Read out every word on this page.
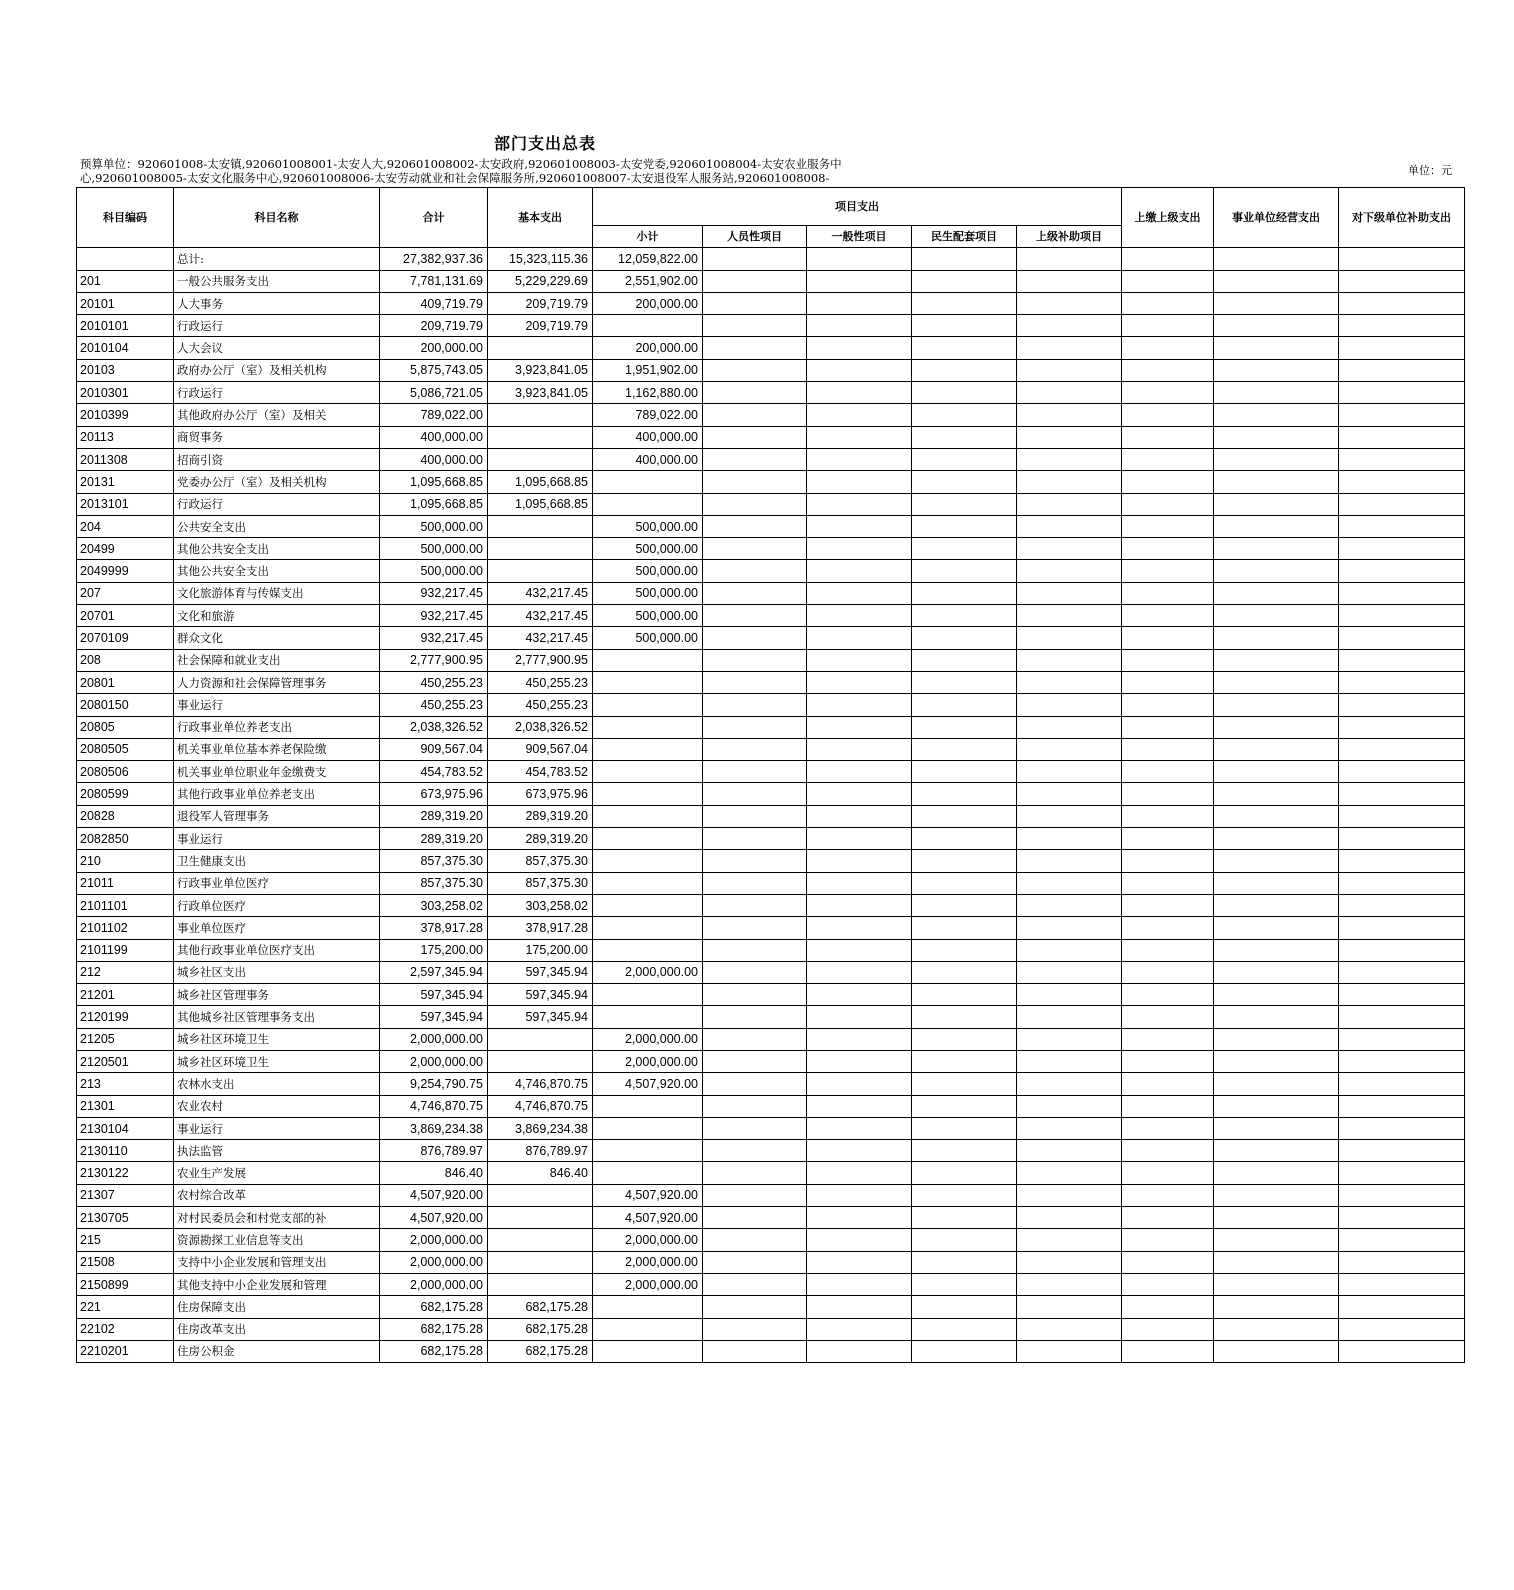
部门支出总表
预算单位：920601008-太安镇,920601008001-太安人大,920601008002-太安政府,920601008003-太安党委,920601008004-太安农业服务中心,920601008005-太安文化服务中心,920601008006-太安劳动就业和社会保障服务所,920601008007-太安退役军人服务站,920601008008-
单位：元
科目编码	科目名称	合计	基本支出	项目支出					上缴上级支出	事业单位经营支出	对下级单位补助支出
				小计	人员性项目	一般性项目	民生配套项目	上级补助项目			
	总计:	27,382,937.36	15,323,115.36	12,059,822.00							
201	一般公共服务支出	7,781,131.69	5,229,229.69	2,551,902.00							
20101	人大事务	409,719.79	209,719.79	200,000.00							
2010101	行政运行	209,719.79	209,719.79								
2010104	人大会议	200,000.00		200,000.00							
20103	政府办公厅（室）及相关机构	5,875,743.05	3,923,841.05	1,951,902.00							
2010301	行政运行	5,086,721.05	3,923,841.05	1,162,880.00							
2010399	其他政府办公厅（室）及相关	789,022.00		789,022.00							
20113	商贸事务	400,000.00		400,000.00							
2011308	招商引资	400,000.00		400,000.00							
20131	党委办公厅（室）及相关机构	1,095,668.85	1,095,668.85								
2013101	行政运行	1,095,668.85	1,095,668.85								
204	公共安全支出	500,000.00		500,000.00							
20499	其他公共安全支出	500,000.00		500,000.00							
2049999	其他公共安全支出	500,000.00		500,000.00							
207	文化旅游体育与传媒支出	932,217.45	432,217.45	500,000.00							
20701	文化和旅游	932,217.45	432,217.45	500,000.00							
2070109	群众文化	932,217.45	432,217.45	500,000.00							
208	社会保障和就业支出	2,777,900.95	2,777,900.95								
20801	人力资源和社会保障管理事务	450,255.23	450,255.23								
2080150	事业运行	450,255.23	450,255.23								
20805	行政事业单位养老支出	2,038,326.52	2,038,326.52								
2080505	机关事业单位基本养老保险缴	909,567.04	909,567.04								
2080506	机关事业单位职业年金缴费支	454,783.52	454,783.52								
2080599	其他行政事业单位养老支出	673,975.96	673,975.96								
20828	退役军人管理事务	289,319.20	289,319.20								
2082850	事业运行	289,319.20	289,319.20								
210	卫生健康支出	857,375.30	857,375.30								
21011	行政事业单位医疗	857,375.30	857,375.30								
2101101	行政单位医疗	303,258.02	303,258.02								
2101102	事业单位医疗	378,917.28	378,917.28								
2101199	其他行政事业单位医疗支出	175,200.00	175,200.00								
212	城乡社区支出	2,597,345.94	597,345.94	2,000,000.00							
21201	城乡社区管理事务	597,345.94	597,345.94								
2120199	其他城乡社区管理事务支出	597,345.94	597,345.94								
21205	城乡社区环境卫生	2,000,000.00		2,000,000.00							
2120501	城乡社区环境卫生	2,000,000.00		2,000,000.00							
213	农林水支出	9,254,790.75	4,746,870.75	4,507,920.00							
21301	农业农村	4,746,870.75	4,746,870.75								
2130104	事业运行	3,869,234.38	3,869,234.38								
2130110	执法监管	876,789.97	876,789.97								
2130122	农业生产发展	846.40	846.40								
21307	农村综合改革	4,507,920.00		4,507,920.00							
2130705	对村民委员会和村党支部的补	4,507,920.00		4,507,920.00							
215	资源勘探工业信息等支出	2,000,000.00		2,000,000.00							
21508	支持中小企业发展和管理支出	2,000,000.00		2,000,000.00							
2150899	其他支持中小企业发展和管理	2,000,000.00		2,000,000.00							
221	住房保障支出	682,175.28	682,175.28								
22102	住房改革支出	682,175.28	682,175.28								
2210201	住房公积金	682,175.28	682,175.28								
